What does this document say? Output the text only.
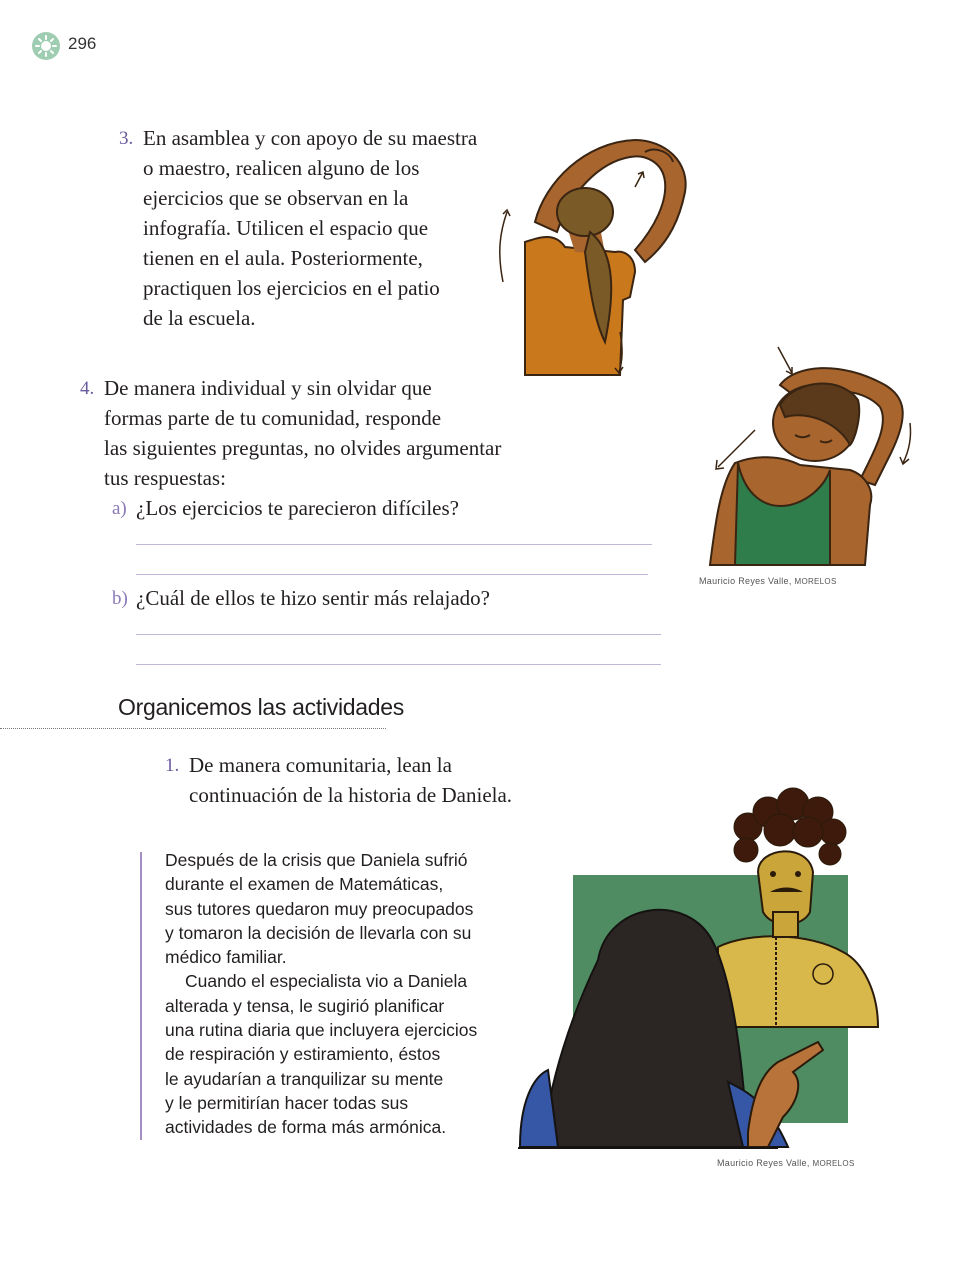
296
3. En asamblea y con apoyo de su maestra
o maestro, realicen alguno de los
ejercicios que se observan en la
infografía. Utilicen el espacio que
tienen en el aula. Posteriormente,
practiquen los ejercicios en el patio
de la escuela.
4. De manera individual y sin olvidar que
formas parte de tu comunidad, responde
las siguientes preguntas, no olvides argumentar
tus respuestas:
a) ¿Los ejercicios te parecieron difíciles?
b) ¿Cuál de ellos te hizo sentir más relajado?
Mauricio Reyes Valle, MORELOS
Organicemos las actividades
1. De manera comunitaria, lean la
continuación de la historia de Daniela.

Después de la crisis que Daniela sufrió

durante el examen de Matemáticas,

sus tutores quedaron muy preocupados

y tomaron la decisión de llevarla con su

médico familiar.

Cuando el especialista vio a Daniela

alterada y tensa, le sugirió planificar

una rutina diaria que incluyera ejercicios

de respiración y estiramiento, éstos

le ayudarían a tranquilizar su mente

y le permitirían hacer todas sus

actividades de forma más armónica.

Mauricio Reyes Valle, MORELOS
